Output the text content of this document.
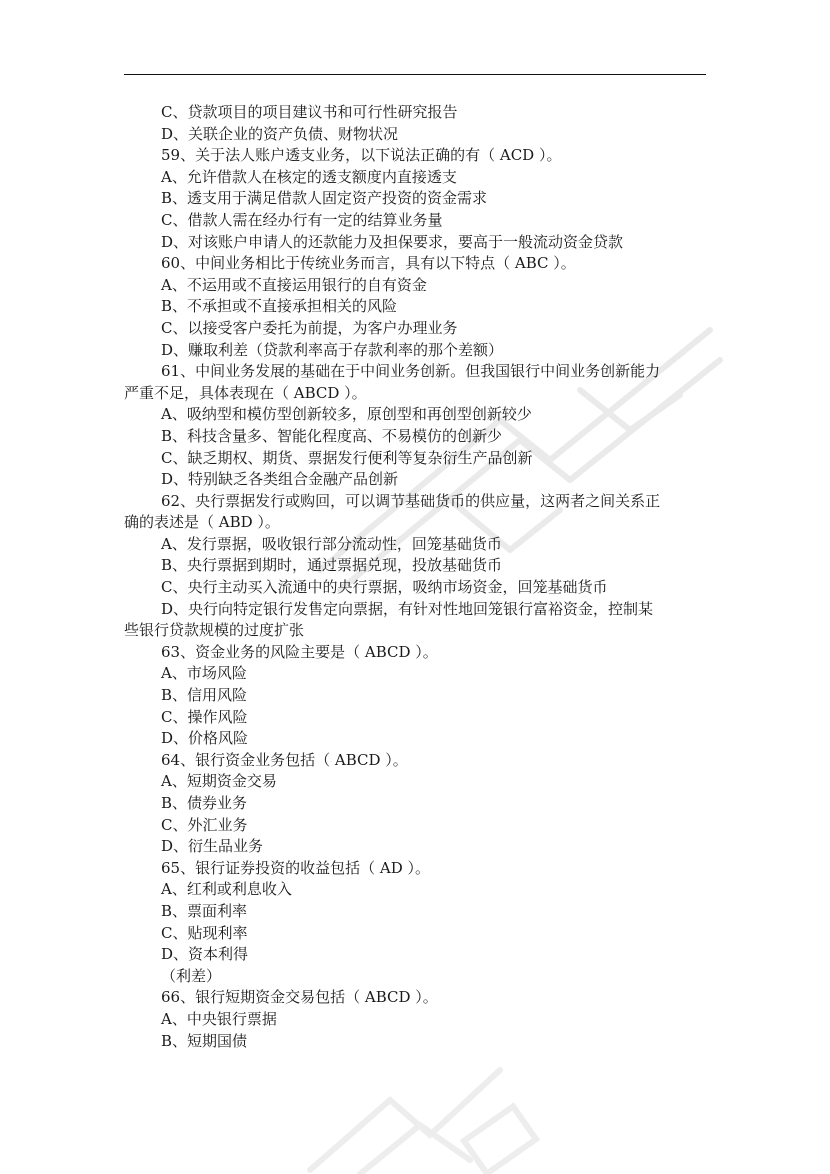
C、贷款项目的项目建议书和可行性研究报告
D、关联企业的资产负债、财物状况
59、关于法人账户透支业务，以下说法正确的有（ ACD ）。
A、允许借款人在核定的透支额度内直接透支
B、透支用于满足借款人固定资产投资的资金需求
C、借款人需在经办行有一定的结算业务量
D、对该账户申请人的还款能力及担保要求，要高于一般流动资金贷款
60、中间业务相比于传统业务而言，具有以下特点（ ABC ）。
A、不运用或不直接运用银行的自有资金
B、不承担或不直接承担相关的风险
C、以接受客户委托为前提，为客户办理业务
D、赚取利差（贷款利率高于存款利率的那个差额）
61、中间业务发展的基础在于中间业务创新。但我国银行中间业务创新能力
严重不足，具体表现在（ ABCD ）。
A、吸纳型和模仿型创新较多，原创型和再创型创新较少
B、科技含量多、智能化程度高、不易模仿的创新少
C、缺乏期权、期货、票据发行便利等复杂衍生产品创新
D、特别缺乏各类组合金融产品创新
62、央行票据发行或购回，可以调节基础货币的供应量，这两者之间关系正
确的表述是（ ABD ）。
A、发行票据，吸收银行部分流动性，回笼基础货币
B、央行票据到期时，通过票据兑现，投放基础货币
C、央行主动买入流通中的央行票据，吸纳市场资金，回笼基础货币
D、央行向特定银行发售定向票据，有针对性地回笼银行富裕资金，控制某
些银行贷款规模的过度扩张
63、资金业务的风险主要是（ ABCD ）。
A、市场风险
B、信用风险
C、操作风险
D、价格风险
64、银行资金业务包括（ ABCD ）。
A、短期资金交易
B、债券业务
C、外汇业务
D、衍生品业务
65、银行证券投资的收益包括（ AD ）。
A、红利或利息收入
B、票面利率
C、贴现利率
D、资本利得
（利差）
66、银行短期资金交易包括（ ABCD ）。
A、中央银行票据
B、短期国债
